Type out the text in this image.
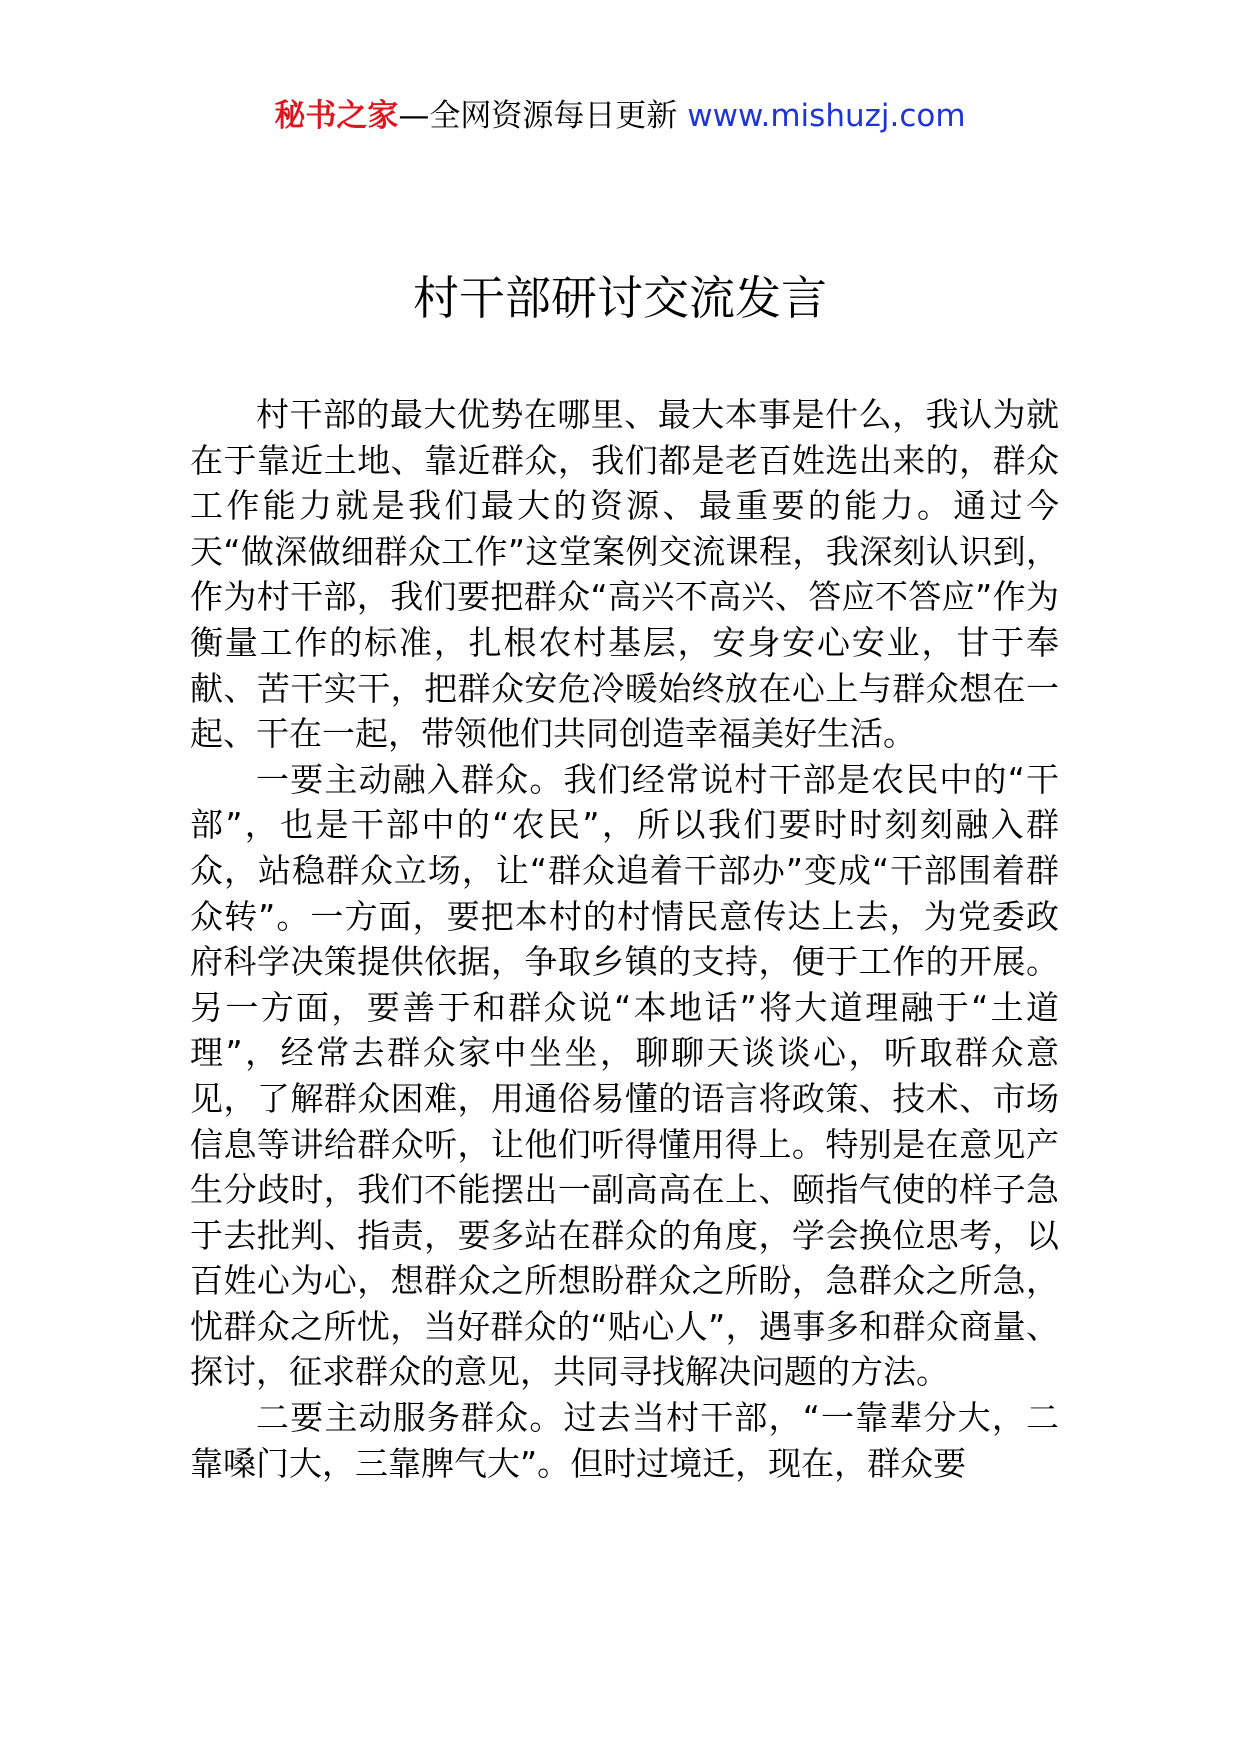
秘书之家—全网资源每日更新 www.mishuzj.com
村干部研讨交流发言

村干部的最大优势在哪里、最大本事是什么，我认为就在于靠近土地、靠近群众，我们都是老百姓选出来的，群众工作能力就是我们最大的资源、最重要的能力。通过今天“做深做细群众工作”这堂案例交流课程，我深刻认识到，作为村干部，我们要把群众“高兴不高兴、答应不答应”作为衡量工作的标准，扎根农村基层，安身安心安业，甘于奉献、苦干实干，把群众安危冷暖始终放在心上与群众想在一起、干在一起，带领他们共同创造幸福美好生活。

一要主动融入群众。我们经常说村干部是农民中的“干部”，也是干部中的“农民”，所以我们要时时刻刻融入群众，站稳群众立场，让“群众追着干部办”变成“干部围着群众转”。一方面，要把本村的村情民意传达上去，为党委政府科学决策提供依据，争取乡镇的支持，便于工作的开展。另一方面，要善于和群众说“本地话”将大道理融于“土道理”，经常去群众家中坐坐，聊聊天谈谈心，听取群众意见，了解群众困难，用通俗易懂的语言将政策、技术、市场信息等讲给群众听，让他们听得懂用得上。特别是在意见产生分歧时，我们不能摆出一副高高在上、颐指气使的样子急于去批判、指责，要多站在群众的角度，学会换位思考，以百姓心为心，想群众之所想盼群众之所盼，急群众之所急，忧群众之所忧，当好群众的“贴心人”，遇事多和群众商量、探讨，征求群众的意见，共同寻找解决问题的方法。

二要主动服务群众。过去当村干部，“一靠辈分大，二靠嗓门大，三靠脾气大”。但时过境迁，现在，群众要
